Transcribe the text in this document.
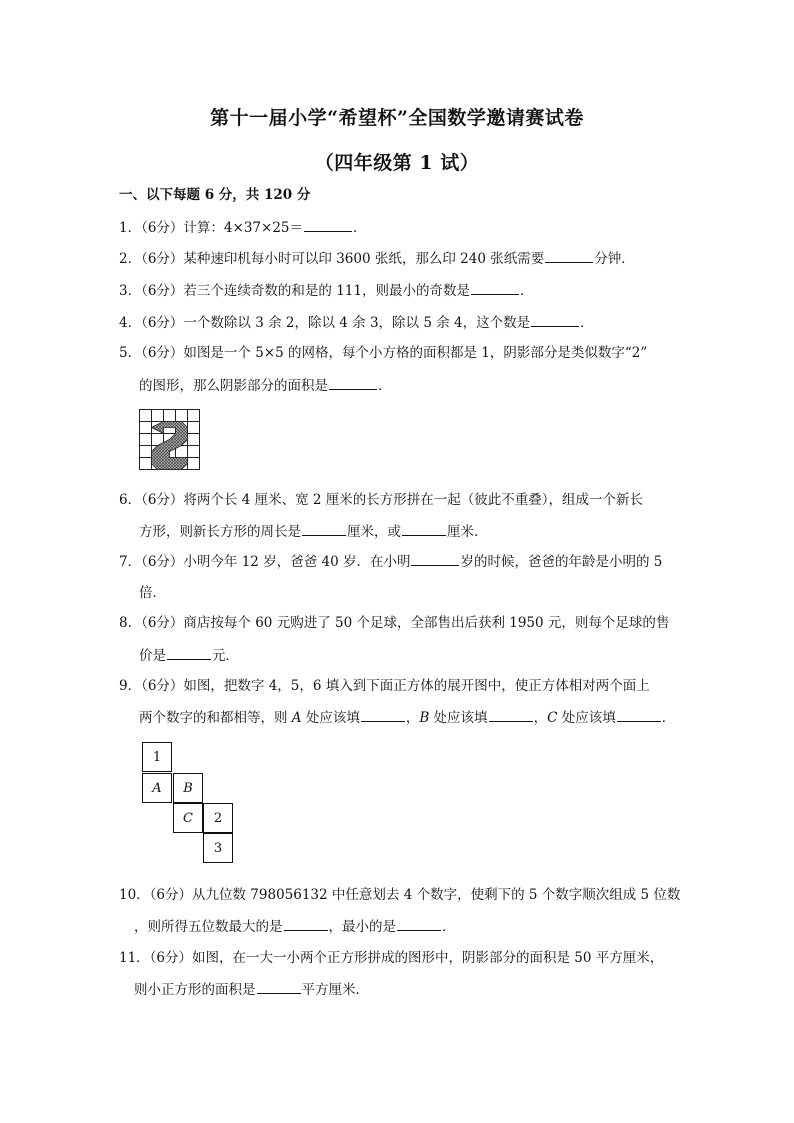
第十一届小学“希望杯”全国数学邀请赛试卷
（四年级第 1 试）
一、以下每题 6 分，共 120 分
1．（6分）计算：4×37×25＝	．
2．（6分）某种速印机每小时可以印 3600 张纸，那么印 240 张纸需要	分钟．
3．（6分）若三个连续奇数的和是的 111，则最小的奇数是	．
4．（6分）一个数除以 3 余 2，除以 4 余 3，除以 5 余 4，这个数是	．
5．（6分）如图是一个 5×5 的网格，每个小方格的面积都是 1，阴影部分是类似数字“2”
的图形，那么阴影部分的面积是	．
6．（6分）将两个长 4 厘米、宽 2 厘米的长方形拼在一起（彼此不重叠），组成一个新长
方形，则新长方形的周长是	厘米，或	厘米．
7．（6分）小明今年 12 岁，爸爸 40 岁．在小明	岁的时候，爸爸的年龄是小明的 5
倍．
8．（6分）商店按每个 60 元购进了 50 个足球，全部售出后获利 1950 元，则每个足球的售
价是	元．
9．（6分）如图，把数字 4，5，6 填入到下面正方体的展开图中，使正方体相对两个面上
两个数字的和都相等，则 A 处应该填	，B 处应该填	，C 处应该填	．
1
A	B
C	2
3
10．（6分）从九位数 798056132 中任意划去 4 个数字，使剩下的 5 个数字顺次组成 5 位数
，则所得五位数最大的是	，最小的是	．
11．（6分）如图，在一大一小两个正方形拼成的图形中，阴影部分的面积是 50 平方厘米，
则小正方形的面积是	平方厘米．
